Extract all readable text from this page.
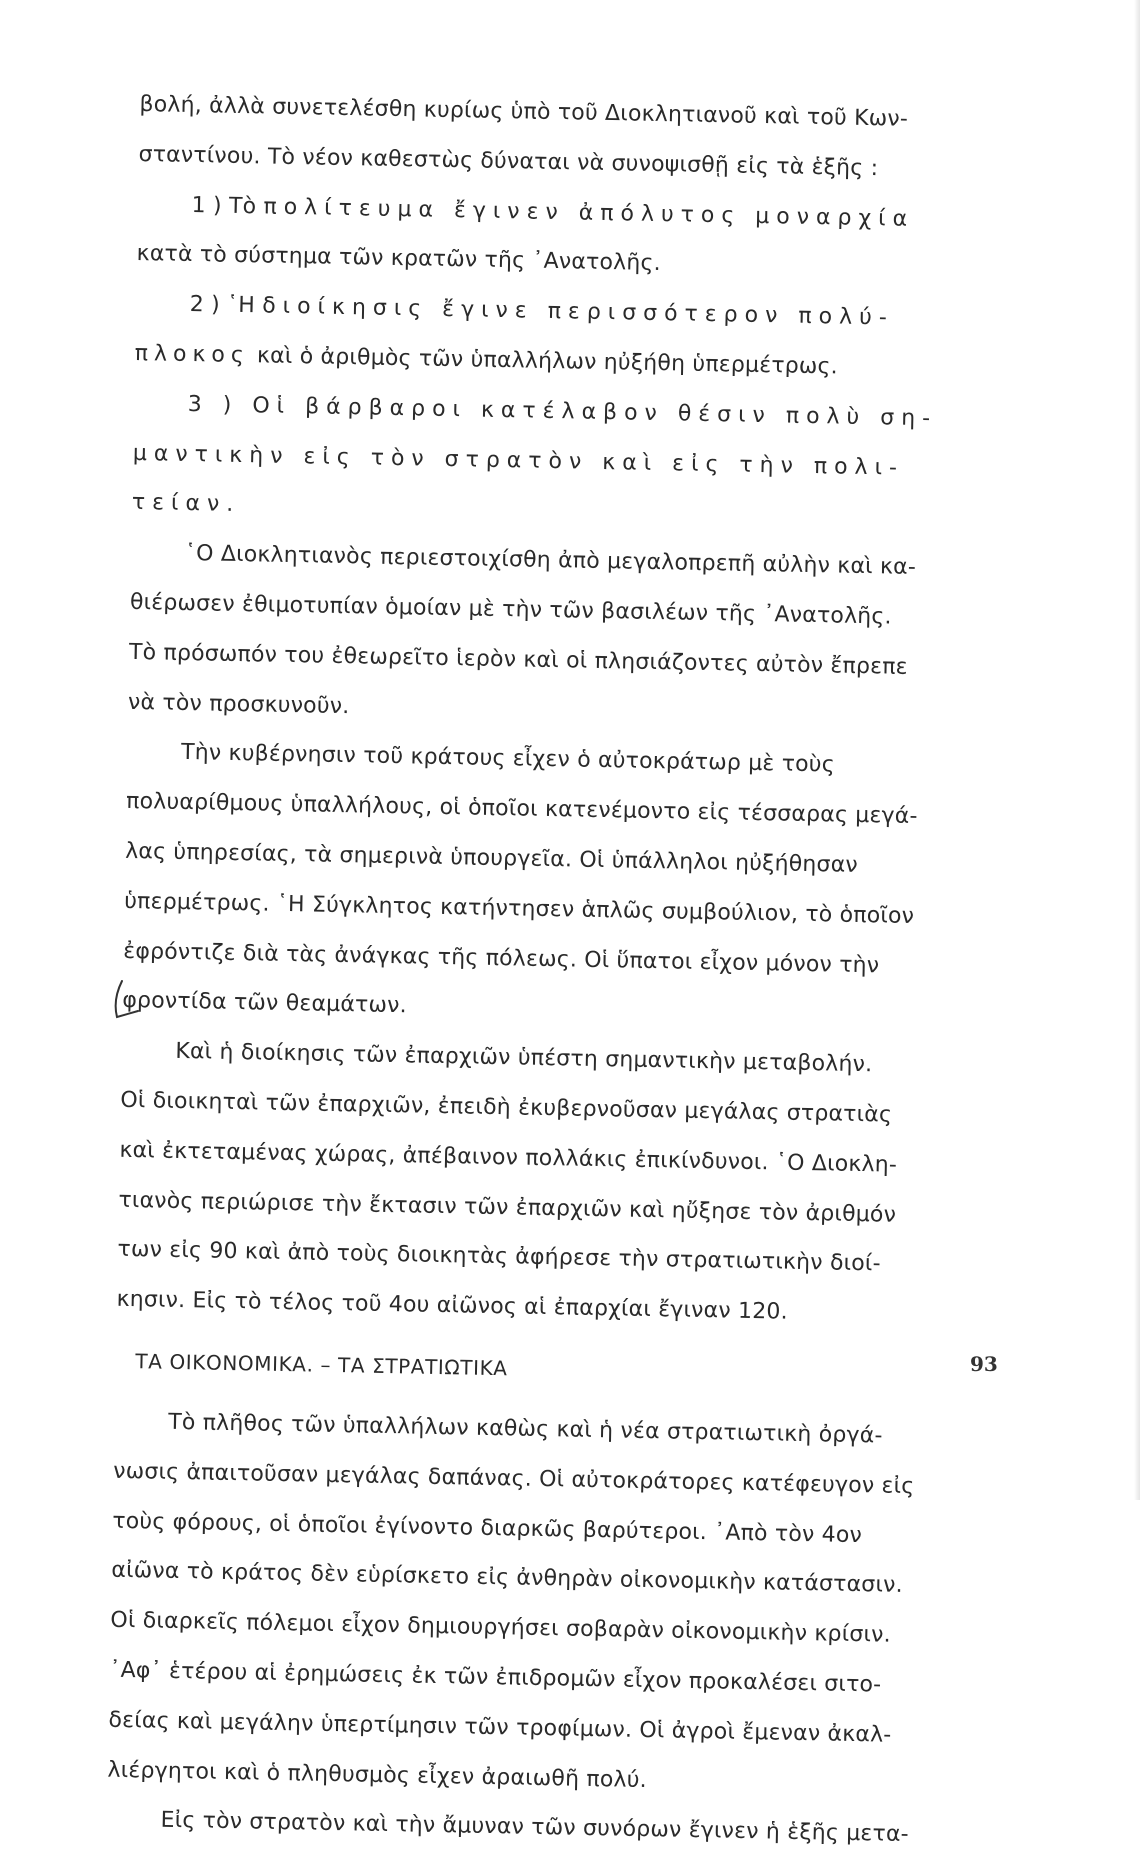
βολή, ἀλλὰ συνετελέσθη κυρίως ὑπὸ τοῦ Διοκλητιανοῦ καὶ τοῦ Κων-
σταντίνου. Τὸ νέον καθεστὼς δύναται νὰ συνοψισθῇ εἰς τὰ ἑξῆς :
1 ) Τὸ πολίτευμα ἔγινεν ἀπόλυτος μοναρχία
κατὰ τὸ σύστημα τῶν κρατῶν τῆς ᾿Ανατολῆς.
2 ) ῾Η διοίκησις ἔγινε περισσότερον πολύ-
πλοκος καὶ ὁ ἀριθμὸς τῶν ὑπαλλήλων ηὐξήθη ὑπερμέτρως.
3 ) Οἱ βάρβαροι κατέλαβον θέσιν πολὺ ση-
μαντικὴν εἰς τὸν στρατὸν καὶ εἰς τὴν πολι-
τείαν.
῾Ο Διοκλητιανὸς περιεστοιχίσθη ἀπὸ μεγαλοπρεπῆ αὐλὴν καὶ κα-
θιέρωσεν ἐθιμοτυπίαν ὁμοίαν μὲ τὴν τῶν βασιλέων τῆς ᾿Ανατολῆς.
Τὸ πρόσωπόν του ἐθεωρεῖτο ἱερὸν καὶ οἱ πλησιάζοντες αὐτὸν ἔπρεπε
νὰ τὸν προσκυνοῦν.
Τὴν κυβέρνησιν τοῦ κράτους εἶχεν ὁ αὐτοκράτωρ μὲ τοὺς
πολυαρίθμους ὑπαλλήλους, οἱ ὁποῖοι κατενέμοντο εἰς τέσσαρας μεγά-
λας ὑπηρεσίας, τὰ σημερινὰ ὑπουργεῖα. Οἱ ὑπάλληλοι ηὐξήθησαν
ὑπερμέτρως. ῾Η Σύγκλητος κατήντησεν ἁπλῶς συμβούλιον, τὸ ὁποῖον
ἐφρόντιζε διὰ τὰς ἀνάγκας τῆς πόλεως. Οἱ ὕπατοι εἶχον μόνον τὴν
φροντίδα τῶν θεαμάτων.
Καὶ ἡ διοίκησις τῶν ἐπαρχιῶν ὑπέστη σημαντικὴν μεταβολήν.
Οἱ διοικηταὶ τῶν ἐπαρχιῶν, ἐπειδὴ ἐκυβερνοῦσαν μεγάλας στρατιὰς
καὶ ἐκτεταμένας χώρας, ἀπέβαινον πολλάκις ἐπικίνδυνοι. ῾Ο Διοκλη-
τιανὸς περιώρισε τὴν ἔκτασιν τῶν ἐπαρχιῶν καὶ ηὔξησε τὸν ἀριθμόν
των εἰς 90 καὶ ἀπὸ τοὺς διοικητὰς ἀφήρεσε τὴν στρατιωτικὴν διοί-
κησιν. Εἰς τὸ τέλος τοῦ 4ου αἰῶνος αἱ ἐπαρχίαι ἔγιναν 120.
ΤΑ ΟΙΚΟΝΟΜΙΚΑ. – ΤΑ ΣΤΡΑΤΙΩΤΙΚΑ
Τὸ πλῆθος τῶν ὑπαλλήλων καθὼς καὶ ἡ νέα στρατιωτικὴ ὀργά-
νωσις ἀπαιτοῦσαν μεγάλας δαπάνας. Οἱ αὐτοκράτορες κατέφευγον εἰς
τοὺς φόρους, οἱ ὁποῖοι ἐγίνοντο διαρκῶς βαρύτεροι. ᾿Απὸ τὸν 4ον
αἰῶνα τὸ κράτος δὲν εὑρίσκετο εἰς ἀνθηρὰν οἰκονομικὴν κατάστασιν.
Οἱ διαρκεῖς πόλεμοι εἶχον δημιουργήσει σοβαρὰν οἰκονομικὴν κρίσιν.
᾿Αφ᾿ ἑτέρου αἱ ἐρημώσεις ἐκ τῶν ἐπιδρομῶν εἶχον προκαλέσει σιτο-
δείας καὶ μεγάλην ὑπερτίμησιν τῶν τροφίμων. Οἱ ἀγροὶ ἔμεναν ἀκαλ-
λιέργητοι καὶ ὁ πληθυσμὸς εἶχεν ἀραιωθῆ πολύ.
Εἰς τὸν στρατὸν καὶ τὴν ἄμυναν τῶν συνόρων ἔγινεν ἡ ἑξῆς μετα-
93
